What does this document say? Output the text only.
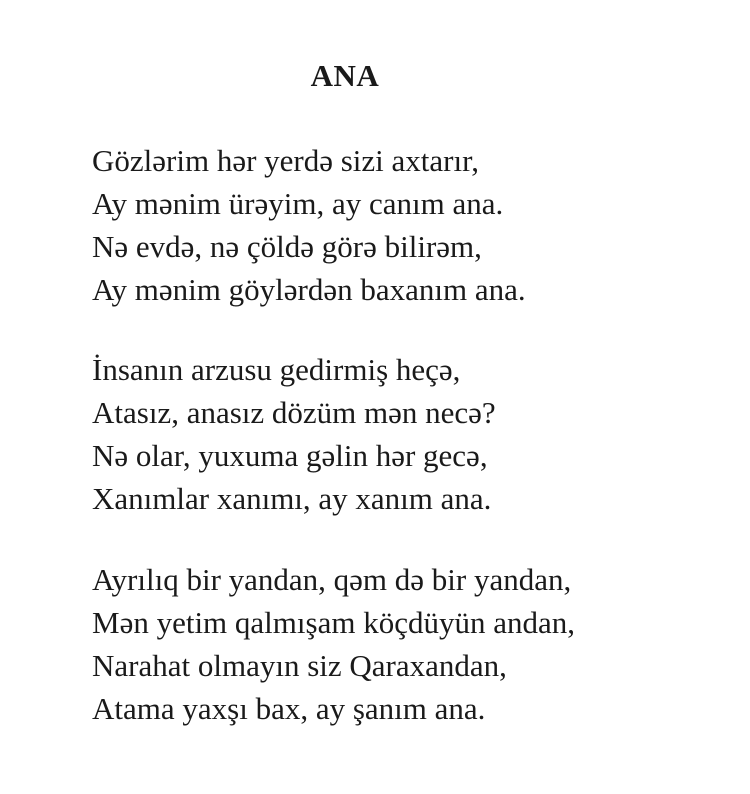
ANA
Gözlərim hər yerdə sizi axtarır,
Ay mənim ürəyim, ay canım ana.
Nə evdə, nə çöldə görə bilirəm,
Ay mənim göylərdən baxanım ana.
İnsanın arzusu gedirmiş heçə,
Atasız, anasız dözüm mən necə?
Nə olar, yuxuma gəlin hər gecə,
Xanımlar xanımı, ay xanım ana.
Ayrılıq bir yandan, qəm də bir yandan,
Mən yetim qalmışam köçdüyün andan,
Narahat olmayın siz Qaraxandan,
Atama yaxşı bax, ay şanım ana.
